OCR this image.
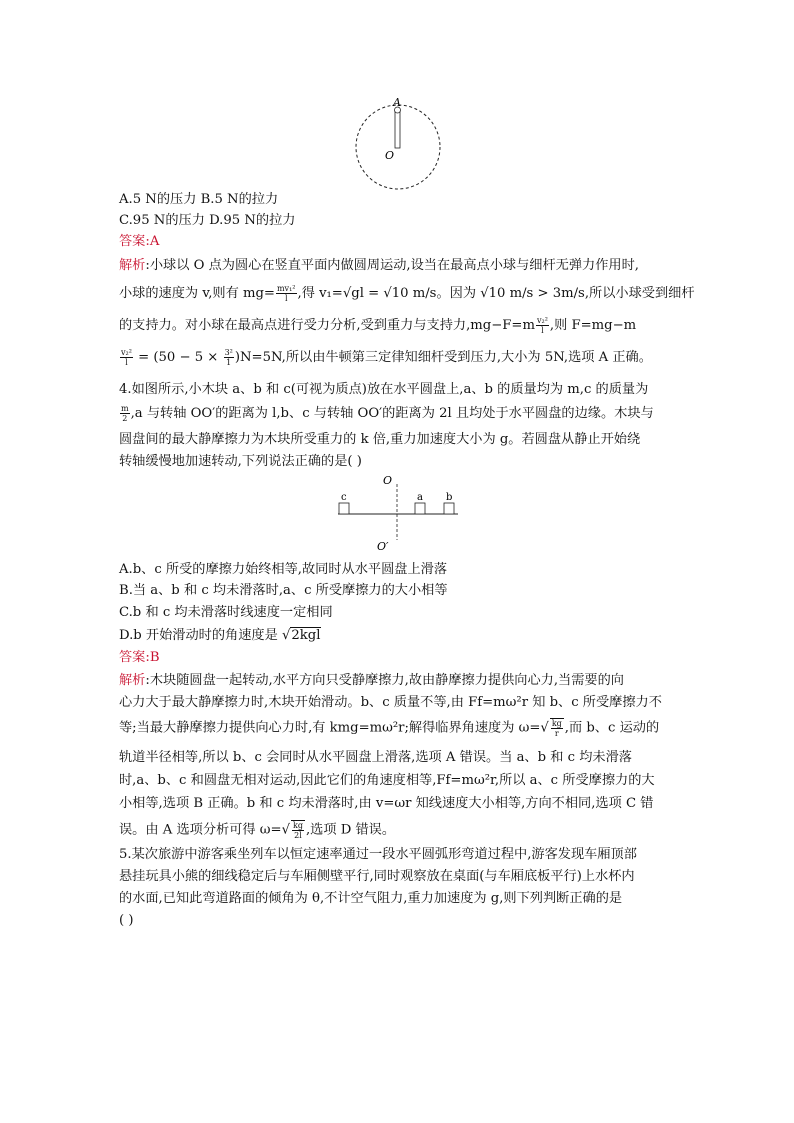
A
O
A.5 N的压力 B.5 N的拉力
C.95 N的压力 D.95 N的拉力
答案:A
解析:小球以 O 点为圆心在竖直平面内做圆周运动,设当在最高点小球与细杆无弹力作用时,
小球的速度为 v,则有 $mg= \frac{\text{mv₁²}}{l}$ ,得 v₁=√gl = √10 m/s。因为 √10 m/s > 3m/s,所以小球受到细杆
的支持力。对小球在最高点进行受力分析,受到重力与支持力$,mg-F=m \frac{\text{v₂²}}{l}$ ,则 F=mg−m
$\frac{\text{v₂²}}{l} = (50 - 5 \times \frac{\text{3²}}{1} )N=5N$,所以由牛顿第三定律知细杆受到压力,大小为 5N,选项 A 正确。
4.如图所示,小木块 a、b 和 c(可视为质点)放在水平圆盘上,a、b 的质量均为 m,c 的质量为
$\frac{m}{2} ,a$ 与转轴 OO′的距离为 l,b、c 与转轴 OO′的距离为 2l 且均处于水平圆盘的边缘。木块与
圆盘间的最大静摩擦力为木块所受重力的 k 倍,重力加速度大小为 g。若圆盘从静止开始绕
转轴缓慢地加速转动,下列说法正确的是( )
O
O′
c	a b
A.b、c 所受的摩擦力始终相等,故同时从水平圆盘上滑落
B.当 a、b 和 c 均未滑落时,a、c 所受摩擦力的大小相等
C.b 和 c 均未滑落时线速度一定相同
D.b 开始滑动时的角速度是 √2kgl
答案:B
解析:木块随圆盘一起转动,水平方向只受静摩擦力,故由静摩擦力提供向心力,当需要的向
心力大于最大静摩擦力时,木块开始滑动。b、c 质量不等,由 Ff=mω²r 知 b、c 所受摩擦力不
等;当最大静摩擦力提供向心力时,有 kmg=mω²r;解得临界角速度为 $\omega=√ \frac{kg}{r}$ ,而 b、c 运动的
轨道半径相等,所以 b、c 会同时从水平圆盘上滑落,选项 A 错误。当 a、b 和 c 均未滑落
时,a、b、c 和圆盘无相对运动,因此它们的角速度相等,Ff=mω²r,所以 a、c 所受摩擦力的大
小相等,选项 B 正确。b 和 c 均未滑落时,由 v=ωr 知线速度大小相等,方向不相同,选项 C 错
误。由 A 选项分析可得 $\omega=√ \frac{kg}{2l}$ ,选项 D 错误。
5.某次旅游中游客乘坐列车以恒定速率通过一段水平圆弧形弯道过程中,游客发现车厢顶部
悬挂玩具小熊的细线稳定后与车厢侧壁平行,同时观察放在桌面(与车厢底板平行)上水杯内
的水面,已知此弯道路面的倾角为 θ,不计空气阻力,重力加速度为 g,则下列判断正确的是
( )
